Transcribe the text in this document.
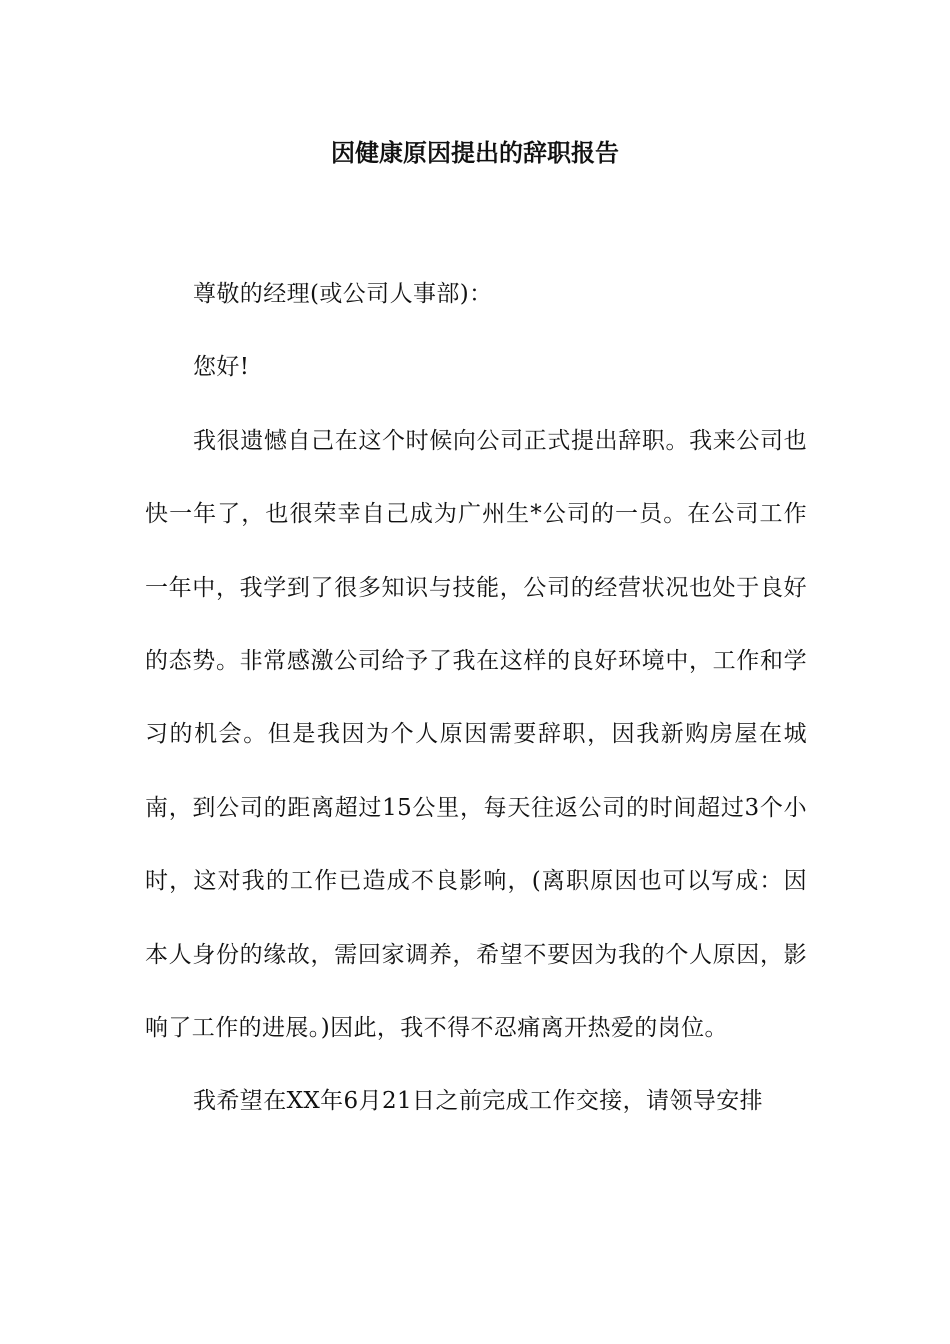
因健康原因提出的辞职报告

尊敬的经理(或公司人事部)：

您好!

我很遗憾自己在这个时候向公司正式提出辞职。我来公司也快一年了，也很荣幸自己成为广州生*公司的一员。在公司工作一年中，我学到了很多知识与技能，公司的经营状况也处于良好的态势。非常感激公司给予了我在这样的良好环境中，工作和学习的机会。但是我因为个人原因需要辞职，因我新购房屋在城南，到公司的距离超过15公里，每天往返公司的时间超过3个小时，这对我的工作已造成不良影响，(离职原因也可以写成：因本人身份的缘故，需回家调养，希望不要因为我的个人原因，影响了工作的进展。)因此，我不得不忍痛离开热爱的岗位。

我希望在XX年6月21日之前完成工作交接，请领导安排
